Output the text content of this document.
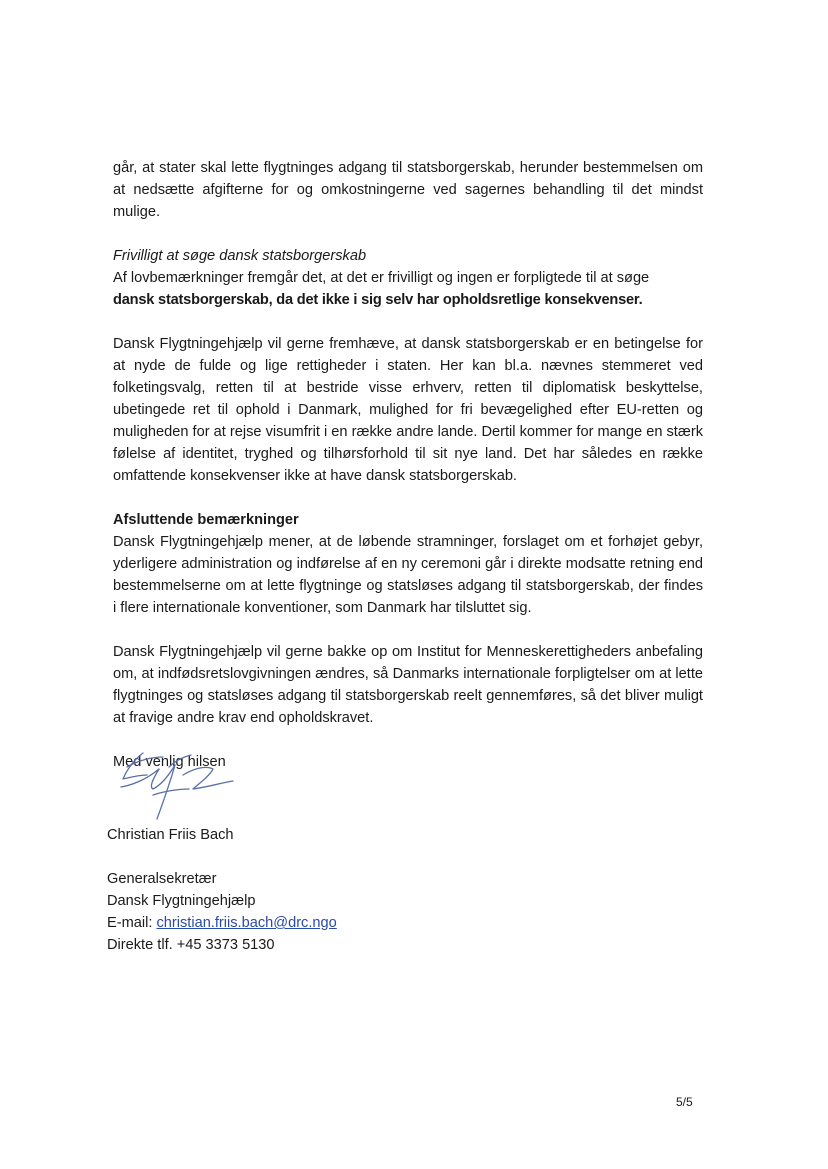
går, at stater skal lette flygtninges adgang til statsborgerskab, herunder bestemmelsen om at nedsætte afgifterne for og omkostningerne ved sagernes behandling til det mindst mulige.

Frivilligt at søge dansk statsborgerskab

Af lovbemærkninger fremgår det, at det er frivilligt og ingen er forpligtede til at søge

dansk statsborgerskab, da det ikke i sig selv har opholdsretlige konsekvenser.

Dansk Flygtningehjælp vil gerne fremhæve, at dansk statsborgerskab er en betingelse for at nyde de fulde og lige rettigheder i staten. Her kan bl.a. nævnes stemmeret ved folketingsvalg, retten til at bestride visse erhverv, retten til diplomatisk beskyttelse, ubetingede ret til ophold i Danmark, mulighed for fri bevægelighed efter EU-retten og muligheden for at rejse visumfrit i en række andre lande. Dertil kommer for mange en stærk følelse af identitet, tryghed og tilhørsforhold til sit nye land. Det har således en række omfattende konsekvenser ikke at have dansk statsborgerskab.

Afsluttende bemærkninger

Dansk Flygtningehjælp mener, at de løbende stramninger, forslaget om et forhøjet gebyr, yderligere administration og indførelse af en ny ceremoni går i direkte modsatte retning end bestemmelserne om at lette flygtninge og statsløses adgang til statsborgerskab, der findes i flere internationale konventioner, som Danmark har tilsluttet sig.

Dansk Flygtningehjælp vil gerne bakke op om Institut for Menneskerettigheders anbefaling om, at indfødsretslovgivningen ændres, så Danmarks internationale forpligtelser om at lette flygtninges og statsløses adgang til statsborgerskab reelt gennemføres, så det bliver muligt at fravige andre krav end opholdskravet.

Med venlig hilsen

Christian Friis Bach
Generalsekretær
Dansk Flygtningehjælp
E-mail: christian.friis.bach@drc.ngo
Direkte tlf. +45 3373 5130
5/5
